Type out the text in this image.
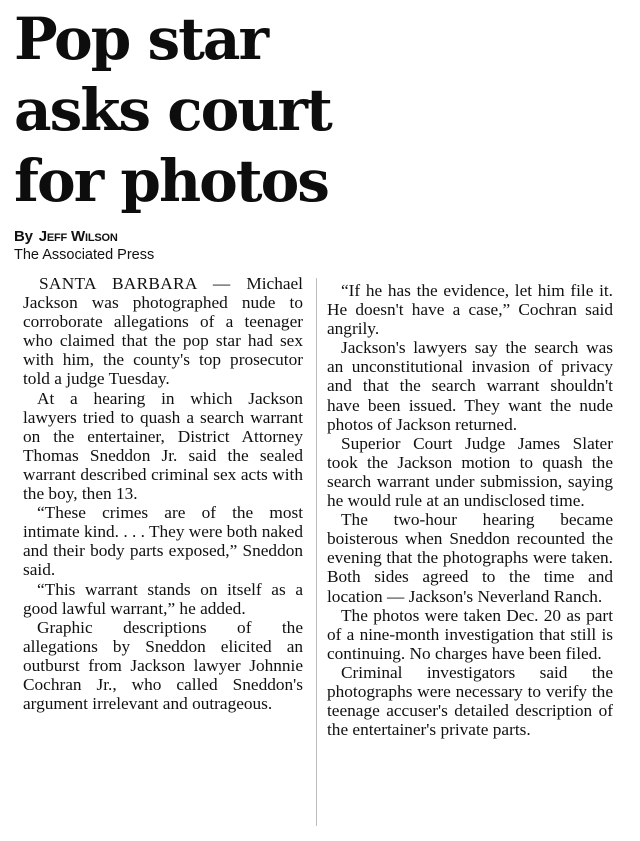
Pop star
asks court
for photos
By Jeff Wilson
The Associated Press

SANTA BARBARA — Michael Jackson was photographed nude to corroborate allegations of a teenager who claimed that the pop star had sex with him, the county's top prosecutor told a judge Tuesday.

At a hearing in which Jackson lawyers tried to quash a search warrant on the entertainer, District Attorney Thomas Sneddon Jr. said the sealed warrant described criminal sex acts with the boy, then 13.

“These crimes are of the most intimate kind. . . . They were both naked and their body parts exposed,” Sneddon said.

“This warrant stands on itself as a good lawful warrant,” he added.

Graphic descriptions of the allegations by Sneddon elicited an outburst from Jackson lawyer Johnnie Cochran Jr., who called Sneddon's argument irrelevant and outrageous.

“If he has the evidence, let him file it. He doesn't have a case,” Cochran said angrily.

Jackson's lawyers say the search was an unconstitutional invasion of privacy and that the search warrant shouldn't have been issued. They want the nude photos of Jackson returned.

Superior Court Judge James Slater took the Jackson motion to quash the search warrant under submission, saying he would rule at an undisclosed time.

The two-hour hearing became boisterous when Sneddon recounted the evening that the photographs were taken. Both sides agreed to the time and location — Jackson's Neverland Ranch.

The photos were taken Dec. 20 as part of a nine-month investigation that still is continuing. No charges have been filed.

Criminal investigators said the photographs were necessary to verify the teenage accuser's detailed description of the entertainer's private parts.
